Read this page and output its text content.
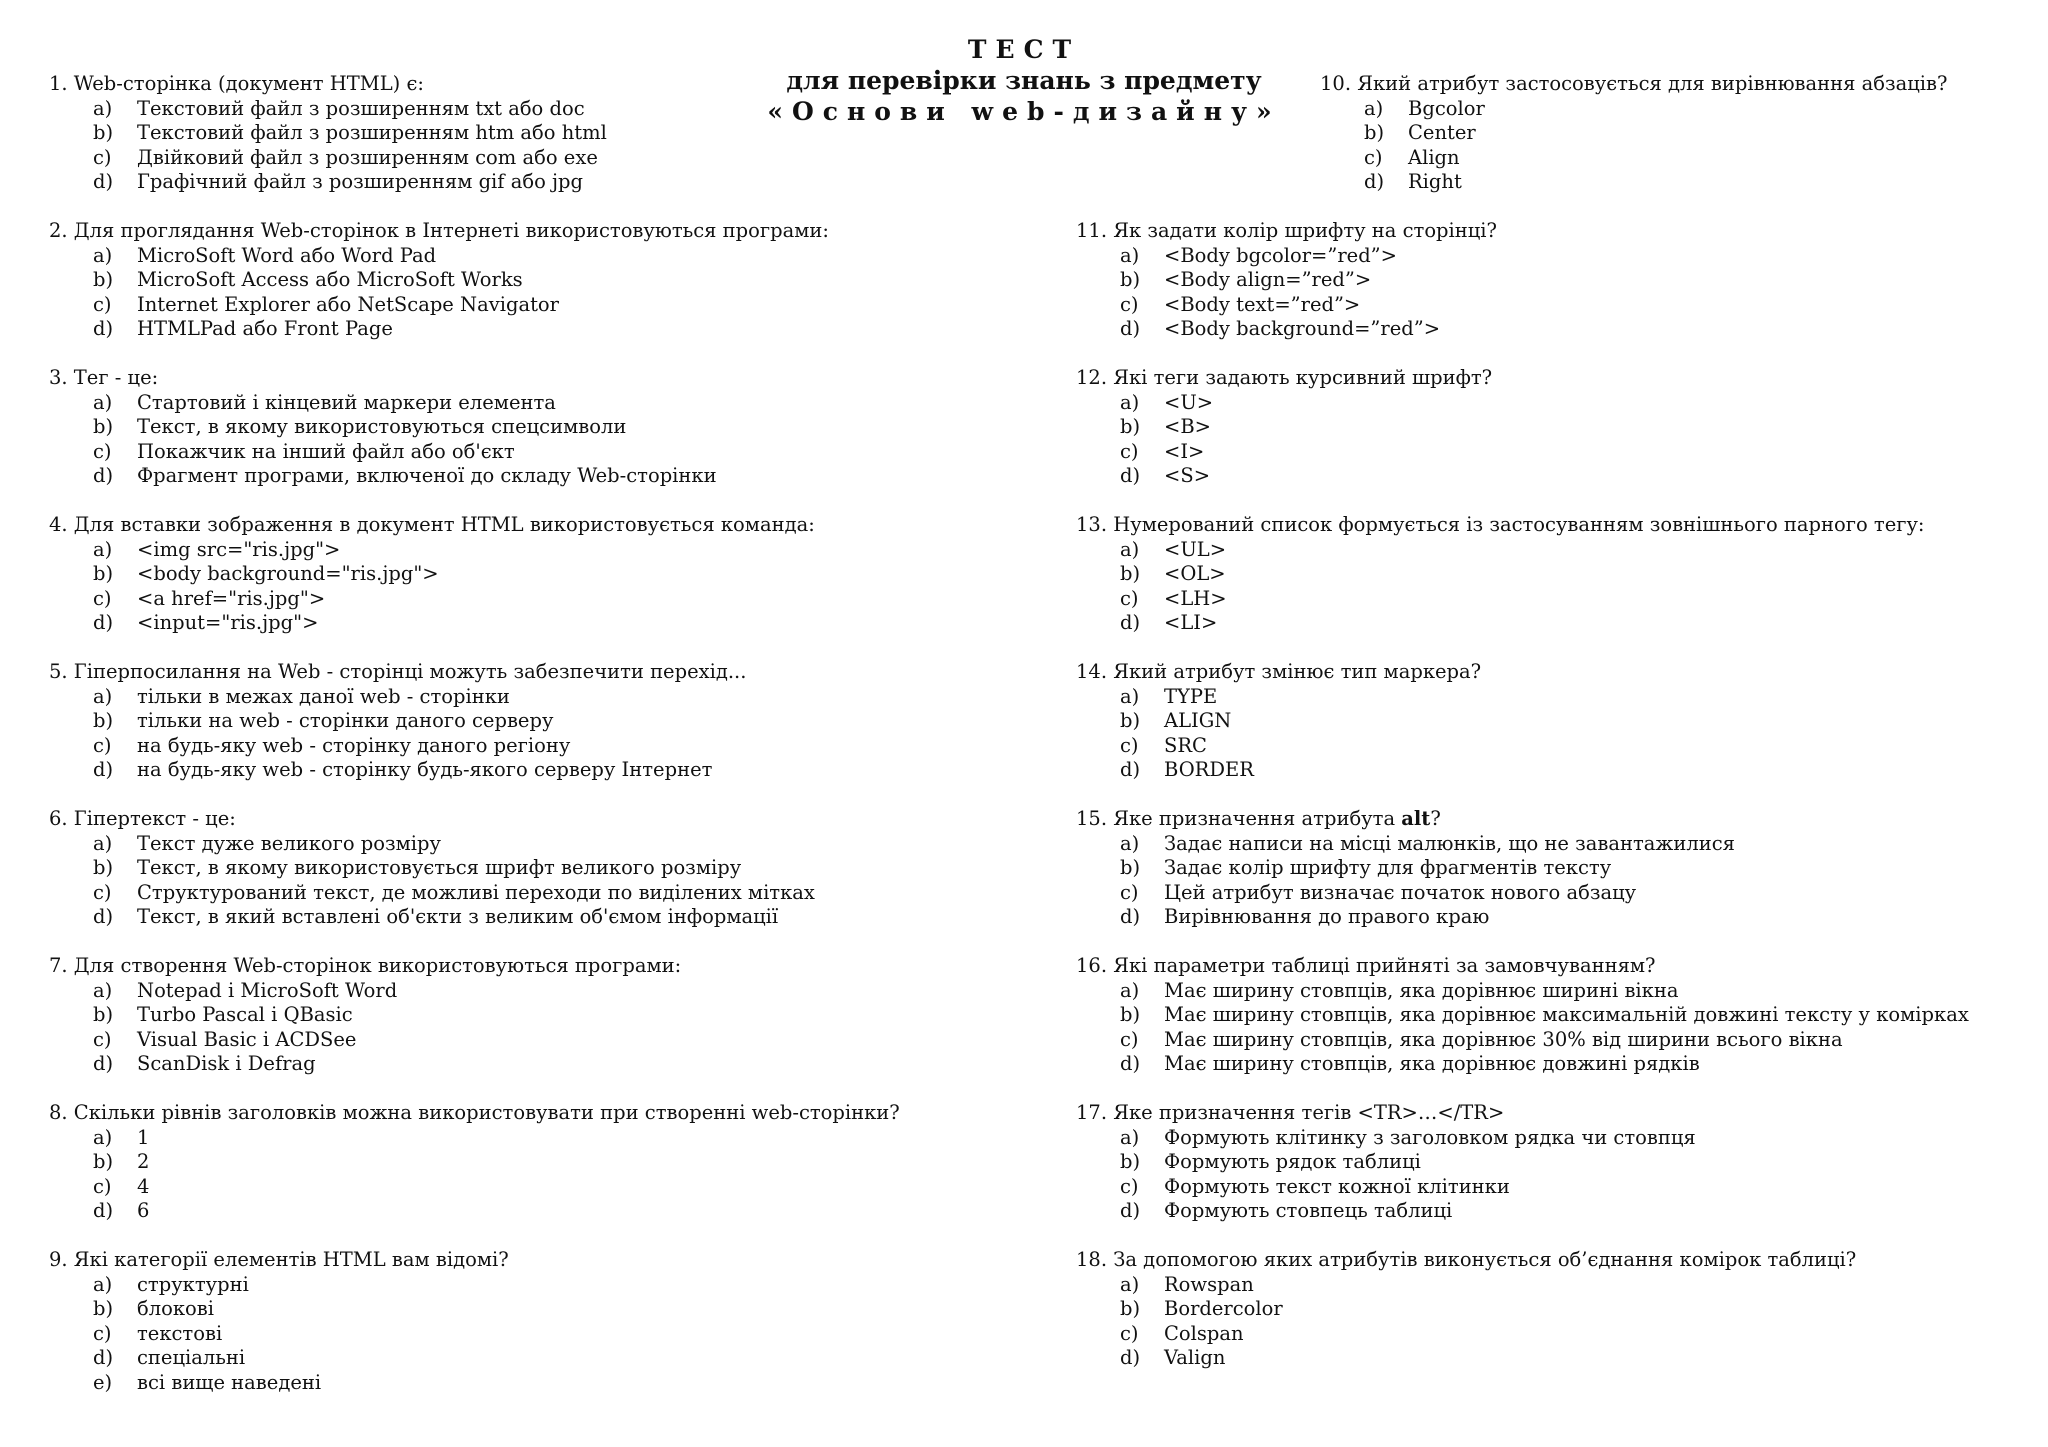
ТЕСТ
для перевірки знань з предмету
«Основи web-дизайну»
1. Web-сторінка (документ HTML) є:
a)	Текстовий файл з розширенням txt або doc
b)	Текстовий файл з розширенням htm або html
c)	Двійковий файл з розширенням com або exe
d)	Графічний файл з розширенням gif або jpg
2. Для проглядання Web-сторінок в Інтернеті використовуються програми:
a)	MicroSoft Word або Word Pad
b)	MicroSoft Access або MicroSoft Works
c)	Internet Explorer або NetScape Navigator
d)	HTMLPad або Front Page
3. Тег - це:
a)	Стартовий і кінцевий маркери елемента
b)	Текст, в якому використовуються спецсимволи
c)	Покажчик на інший файл або об'єкт
d)	Фрагмент програми, включеної до складу Web-сторінки
4. Для вставки зображення в документ HTML використовується команда:
a)	<img src="ris.jpg">
b)	<body background="ris.jpg">
c)	<a href="ris.jpg">
d)	<input="ris.jpg">
5. Гіперпосилання на Web - сторінці можуть забезпечити перехід...
a)	тільки в межах даної web - сторінки
b)	тільки на web - сторінки даного серверу
c)	на будь-яку web - сторінку даного регіону
d)	на будь-яку web - сторінку будь-якого серверу Інтернет
6. Гіпертекст - це:
a)	Текст дуже великого розміру
b)	Текст, в якому використовується шрифт великого розміру
c)	Структурований текст, де можливі переходи по виділених мітках
d)	Текст, в який вставлені об'єкти з великим об'ємом інформації
7. Для створення Web-сторінок використовуються програми:
a)	Notepad і MicroSoft Word
b)	Turbo Pascal і QBasic
c)	Visual Basic і ACDSee
d)	ScanDisk і Defrag
8. Скільки рівнів заголовків можна використовувати при створенні web-сторінки?
a)	1
b)	2
c)	4
d)	6
9. Які категорії елементів HTML вам відомі?
a)	структурні
b)	блокові
c)	текстові
d)	спеціальні
e)	всі вище наведені
10. Який атрибут застосовується для вирівнювання абзаців?
a)	Bgcolor
b)	Center
c)	Align
d)	Right
11. Як задати колір шрифту на сторінці?
a)	<Body bgcolor=”red”>
b)	<Body align=”red”>
c)	<Body text=”red”>
d)	<Body background=”red”>
12. Які теги задають курсивний шрифт?
a)	<U>
b)	<B>
c)	<I>
d)	<S>
13. Нумерований список формується із застосуванням зовнішнього парного тегу:
a)	<UL>
b)	<OL>
c)	<LH>
d)	<LI>
14. Який атрибут змінює тип маркера?
a)	TYPE
b)	ALIGN
c)	SRC
d)	BORDER
15. Яке призначення атрибута alt?
a)	Задає написи на місці малюнків, що не завантажилися
b)	Задає колір шрифту для фрагментів тексту
c)	Цей атрибут визначає початок нового абзацу
d)	Вирівнювання до правого краю
16. Які параметри таблиці прийняті за замовчуванням?
a)	Має ширину стовпців, яка дорівнює ширині вікна
b)	Має ширину стовпців, яка дорівнює максимальній довжині тексту у комірках
c)	Має ширину стовпців, яка дорівнює 30% від ширини всього вікна
d)	Має ширину стовпців, яка дорівнює довжині рядків
17. Яке призначення тегів <TR>…</TR>
a)	Формують клітинку з заголовком рядка чи стовпця
b)	Формують рядок таблиці
c)	Формують текст кожної клітинки
d)	Формують стовпець таблиці
18. За допомогою яких атрибутів виконується об’єднання комірок таблиці?
a)	Rowspan
b)	Bordercolor
c)	Colspan
d)	Valign
